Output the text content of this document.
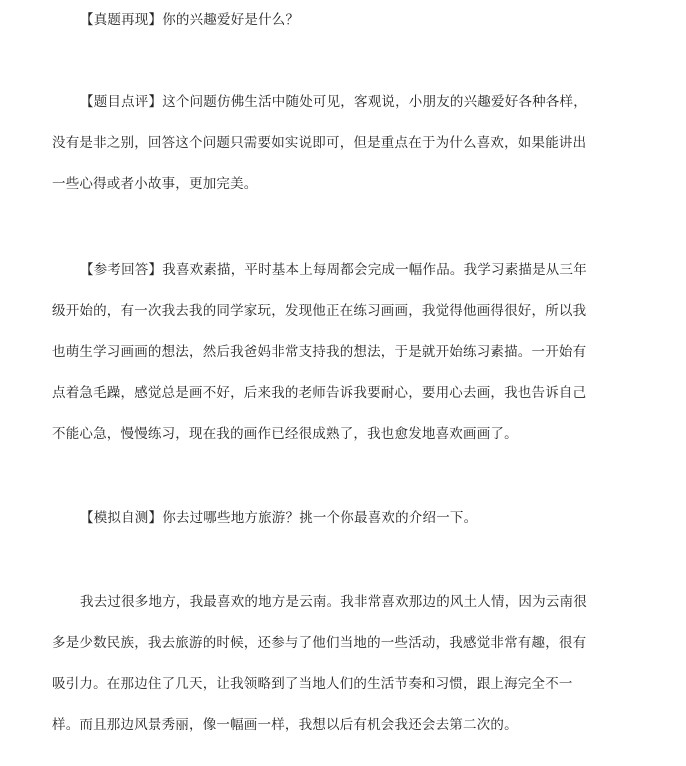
【真题再现】你的兴趣爱好是什么？

【题目点评】这个问题仿佛生活中随处可见，客观说，小朋友的兴趣爱好各种各样，
没有是非之别，回答这个问题只需要如实说即可，但是重点在于为什么喜欢，如果能讲出
一些心得或者小故事，更加完美。

【参考回答】我喜欢素描，平时基本上每周都会完成一幅作品。我学习素描是从三年
级开始的，有一次我去我的同学家玩，发现他正在练习画画，我觉得他画得很好，所以我
也萌生学习画画的想法，然后我爸妈非常支持我的想法，于是就开始练习素描。一开始有
点着急毛躁，感觉总是画不好，后来我的老师告诉我要耐心，要用心去画，我也告诉自己
不能心急，慢慢练习，现在我的画作已经很成熟了，我也愈发地喜欢画画了。

【模拟自测】你去过哪些地方旅游？挑一个你最喜欢的介绍一下。

我去过很多地方，我最喜欢的地方是云南。我非常喜欢那边的风土人情，因为云南很
多是少数民族，我去旅游的时候，还参与了他们当地的一些活动，我感觉非常有趣，很有
吸引力。在那边住了几天，让我领略到了当地人们的生活节奏和习惯，跟上海完全不一
样。而且那边风景秀丽，像一幅画一样，我想以后有机会我还会去第二次的。
